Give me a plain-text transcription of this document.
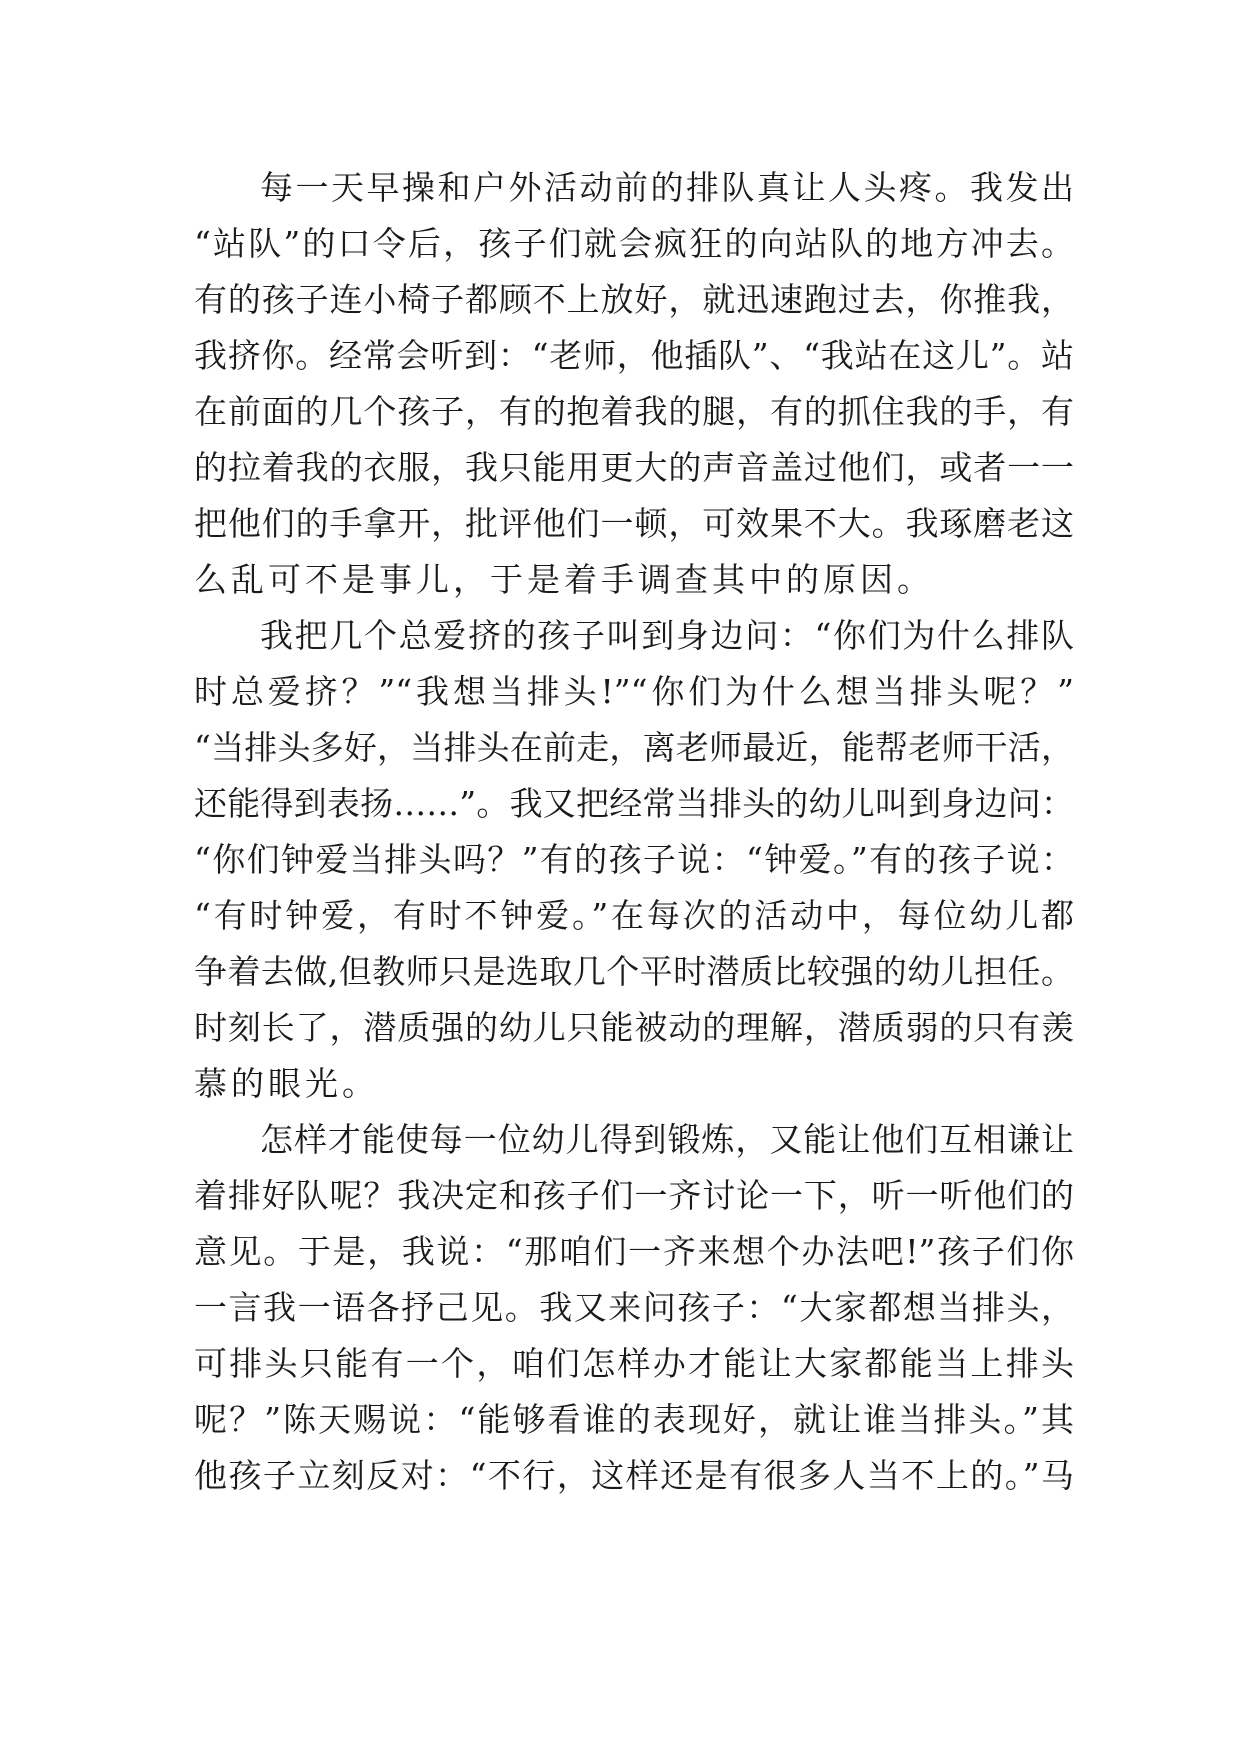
每一天早操和户外活动前的排队真让人头疼。我发出
“站队”的口令后，孩子们就会疯狂的向站队的地方冲去。
有的孩子连小椅子都顾不上放好，就迅速跑过去，你推我，
我挤你。经常会听到：“老师，他插队”、“我站在这儿”。站
在前面的几个孩子，有的抱着我的腿，有的抓住我的手，有
的拉着我的衣服，我只能用更大的声音盖过他们，或者一一
把他们的手拿开，批评他们一顿，可效果不大。我琢磨老这
么乱可不是事儿，于是着手调查其中的原因。
我把几个总爱挤的孩子叫到身边问：“你们为什么排队
时总爱挤？”“我想当排头!”“你们为什么想当排头呢？”
“当排头多好，当排头在前走，离老师最近，能帮老师干活，
还能得到表扬……”。我又把经常当排头的幼儿叫到身边问：
“你们钟爱当排头吗？”有的孩子说：“钟爱。”有的孩子说：
“有时钟爱，有时不钟爱。”在每次的活动中，每位幼儿都
争着去做,但教师只是选取几个平时潜质比较强的幼儿担任。
时刻长了，潜质强的幼儿只能被动的理解，潜质弱的只有羡
慕的眼光。
怎样才能使每一位幼儿得到锻炼，又能让他们互相谦让
着排好队呢？我决定和孩子们一齐讨论一下，听一听他们的
意见。于是，我说：“那咱们一齐来想个办法吧!”孩子们你
一言我一语各抒己见。我又来问孩子：“大家都想当排头，
可排头只能有一个，咱们怎样办才能让大家都能当上排头
呢？”陈天赐说：“能够看谁的表现好，就让谁当排头。”其
他孩子立刻反对：“不行，这样还是有很多人当不上的。”马
